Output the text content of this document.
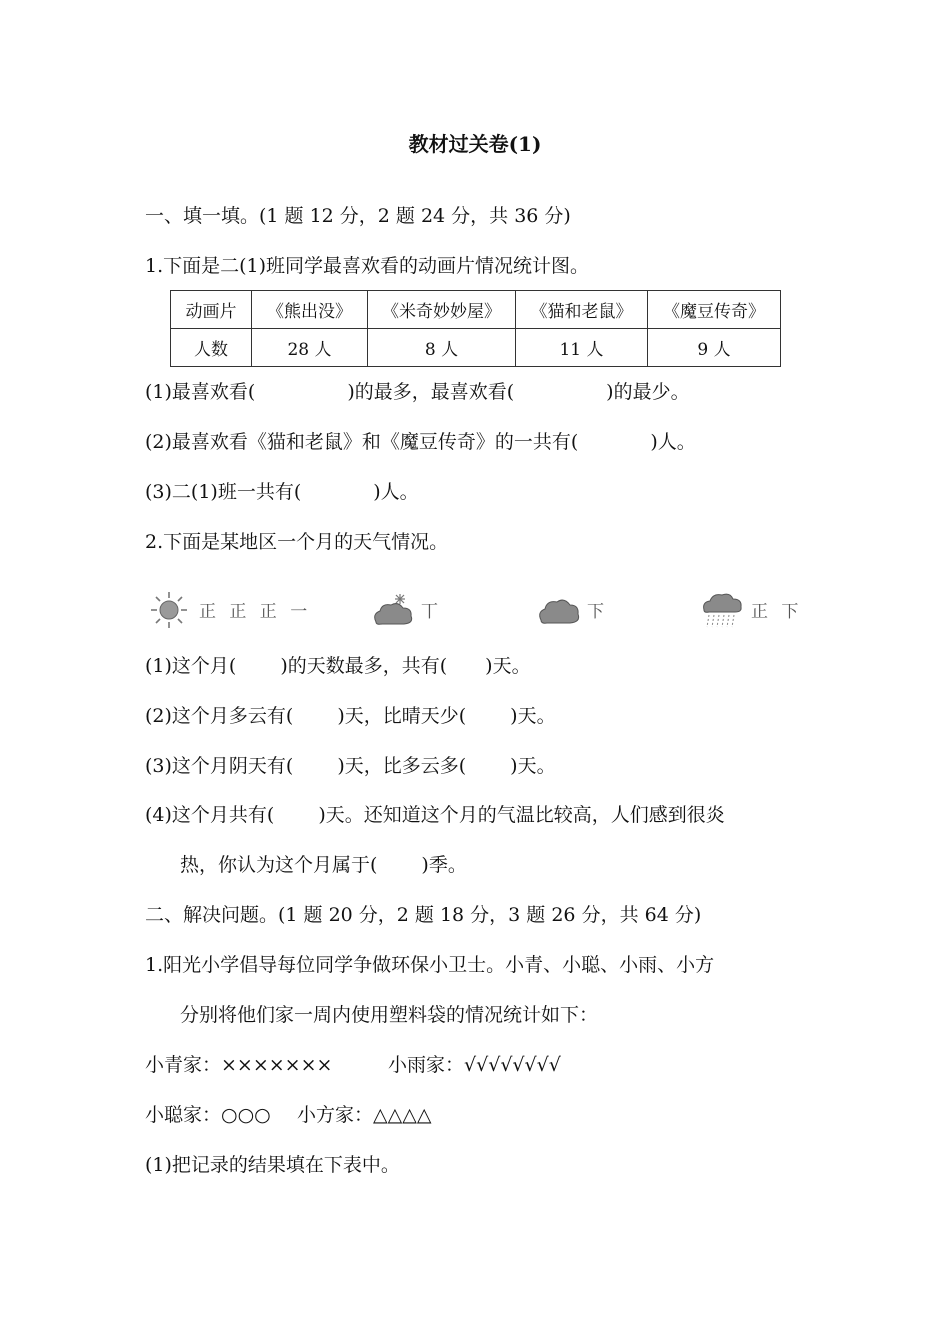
教材过关卷(1)
一、填一填。(1 题 12 分，2 题 24 分，共 36 分)
1.下面是二(1)班同学最喜欢看的动画片情况统计图。
动画片	《熊出没》	《米奇妙妙屋》	《猫和老鼠》	《魔豆传奇》
人数	28 人	8 人	11 人	9 人
(1)最喜欢看(	)的最多，最喜欢看(	)的最少。
(2)最喜欢看《猫和老鼠》和《魔豆传奇》的一共有(	)人。
(3)二(1)班一共有(	)人。
2.下面是某地区一个月的天气情况。
正 正 正 一	丅	下	正 下
(1)这个月( )的天数最多，共有( )天。
(2)这个月多云有( )天，比晴天少( )天。
(3)这个月阴天有( )天，比多云多( )天。
(4)这个月共有( )天。还知道这个月的气温比较高，人们感到很炎
热，你认为这个月属于( )季。
二、解决问题。(1 题 20 分，2 题 18 分，3 题 26 分，共 64 分)
1.阳光小学倡导每位同学争做环保小卫士。小青、小聪、小雨、小方
分别将他们家一周内使用塑料袋的情况统计如下：
小青家：×××××××	小雨家：√√√√√√√√
小聪家：○○○ 小方家：△△△△
(1)把记录的结果填在下表中。
